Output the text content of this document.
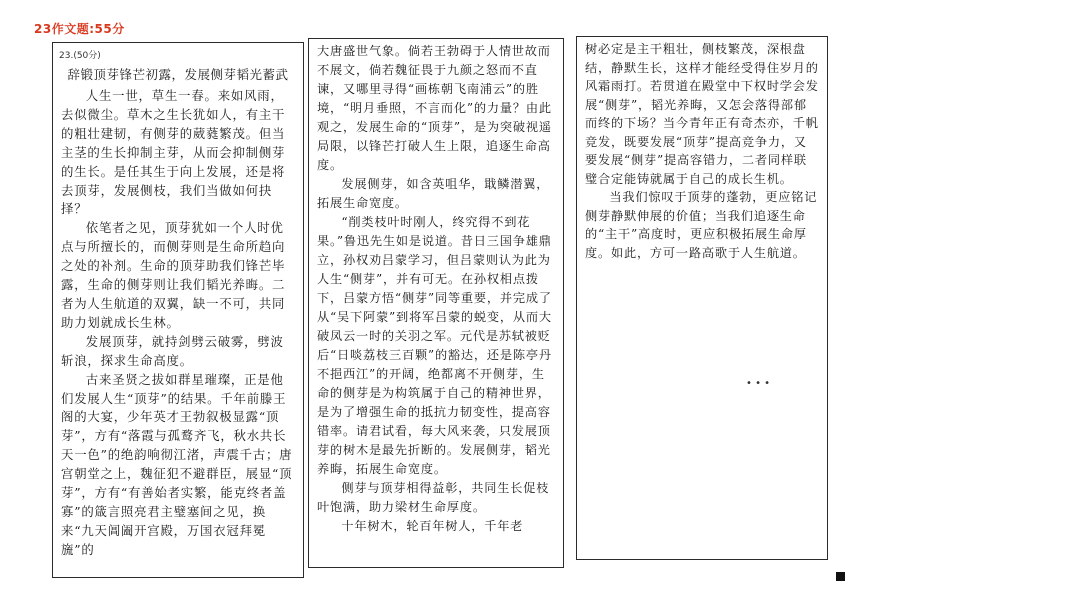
23作文题:55分
23.(50分)
辞锻顶芽锋芒初露，发展侧芽韬光蓄武

人生一世，草生一春。来如风雨，去似微尘。草木之生长犹如人，有主干的粗壮建韧，有侧芽的葳蕤繁茂。但当主茎的生长抑制主芽，从而会抑制侧芽的生长。是任其生于向上发展，还是将去顶芽，发展侧枝，我们当做如何抉择？

依笔者之见，顶芽犹如一个人时优点与所擅长的，而侧芽则是生命所趋向之处的补剂。生命的顶芽助我们锋芒毕露，生命的侧芽则让我们韬光养晦。二者为人生航道的双翼，缺一不可，共同助力划就成长生林。

发展顶芽，就持剑劈云破雾，劈波斩浪，探求生命高度。

古来圣贤之拔如群星璀璨，正是他们发展人生“顶芽”的结果。千年前滕王阁的大宴，少年英才王勃叙极显露“顶芽”，方有“落霞与孤鹜齐飞，秋水共长天一色”的绝韵响彻江渚，声震千古；唐宫朝堂之上，魏征犯不避群臣，展显“顶芽”，方有“有善始者实繁，能克终者盖寡”的箴言照亮君主璧塞间之见，换来“九天阊阖开宫殿，万国衣冠拜冕旒”的

大唐盛世气象。倘若王勃碍于人情世故而不展文，倘若魏征畏于九颜之怒而不直谏，又哪里寻得“画栋朝飞南浦云”的胜境，“明月垂照，不言而化”的力量？由此观之，发展生命的“顶芽”，是为突破视遥局限，以锋芒打破人生上限，追逐生命高度。

发展侧芽，如含英咀华，戢鳞潜翼，拓展生命宽度。

“削类枝叶时刚人，终究得不到花果。”鲁迅先生如是说道。昔日三国争雄鼎立，孙权劝吕蒙学习，但吕蒙则认为此为人生“侧芽”，并有可无。在孙权相点拨下，吕蒙方悟“侧芽”同等重要，并完成了从“吴下阿蒙”到将军吕蒙的蜕变，从而大破凤云一时的关羽之军。元代是苏轼被贬后“日啖荔枝三百颗”的豁达，还是陈亭丹不挹西江”的开阔，绝都离不开侧芽，生命的侧芽是为构筑属于自己的精神世界，是为了增强生命的抵抗力韧变性，提高容错率。请君试看，每大风来袭，只发展顶芽的树木是最先折断的。发展侧芽，韬光养晦，拓展生命宽度。

侧芽与顶芽相得益彰，共同生长促枝叶饱满，助力梁材生命厚度。

十年树木，轮百年树人，千年老

树必定是主干粗壮，侧枝繁茂，深根盘结，静默生长，这样才能经受得住岁月的风霜雨打。若贯道在殿堂中下权时学会发展“侧芽”，韬光养晦，又怎会落得部郁而终的下场？当今青年正有奇杰亦，千帆竞发，既要发展“顶芽”提高竞争力，又要发展“侧芽”提高容错力，二者同样联璧合定能铸就属于自己的成长生机。

当我们惊叹于顶芽的蓬勃，更应铭记侧芽静默伸展的价值；当我们追逐生命的“主干”高度时，更应积极拓展生命厚度。如此，方可一路高歌于人生航道。

• • •
